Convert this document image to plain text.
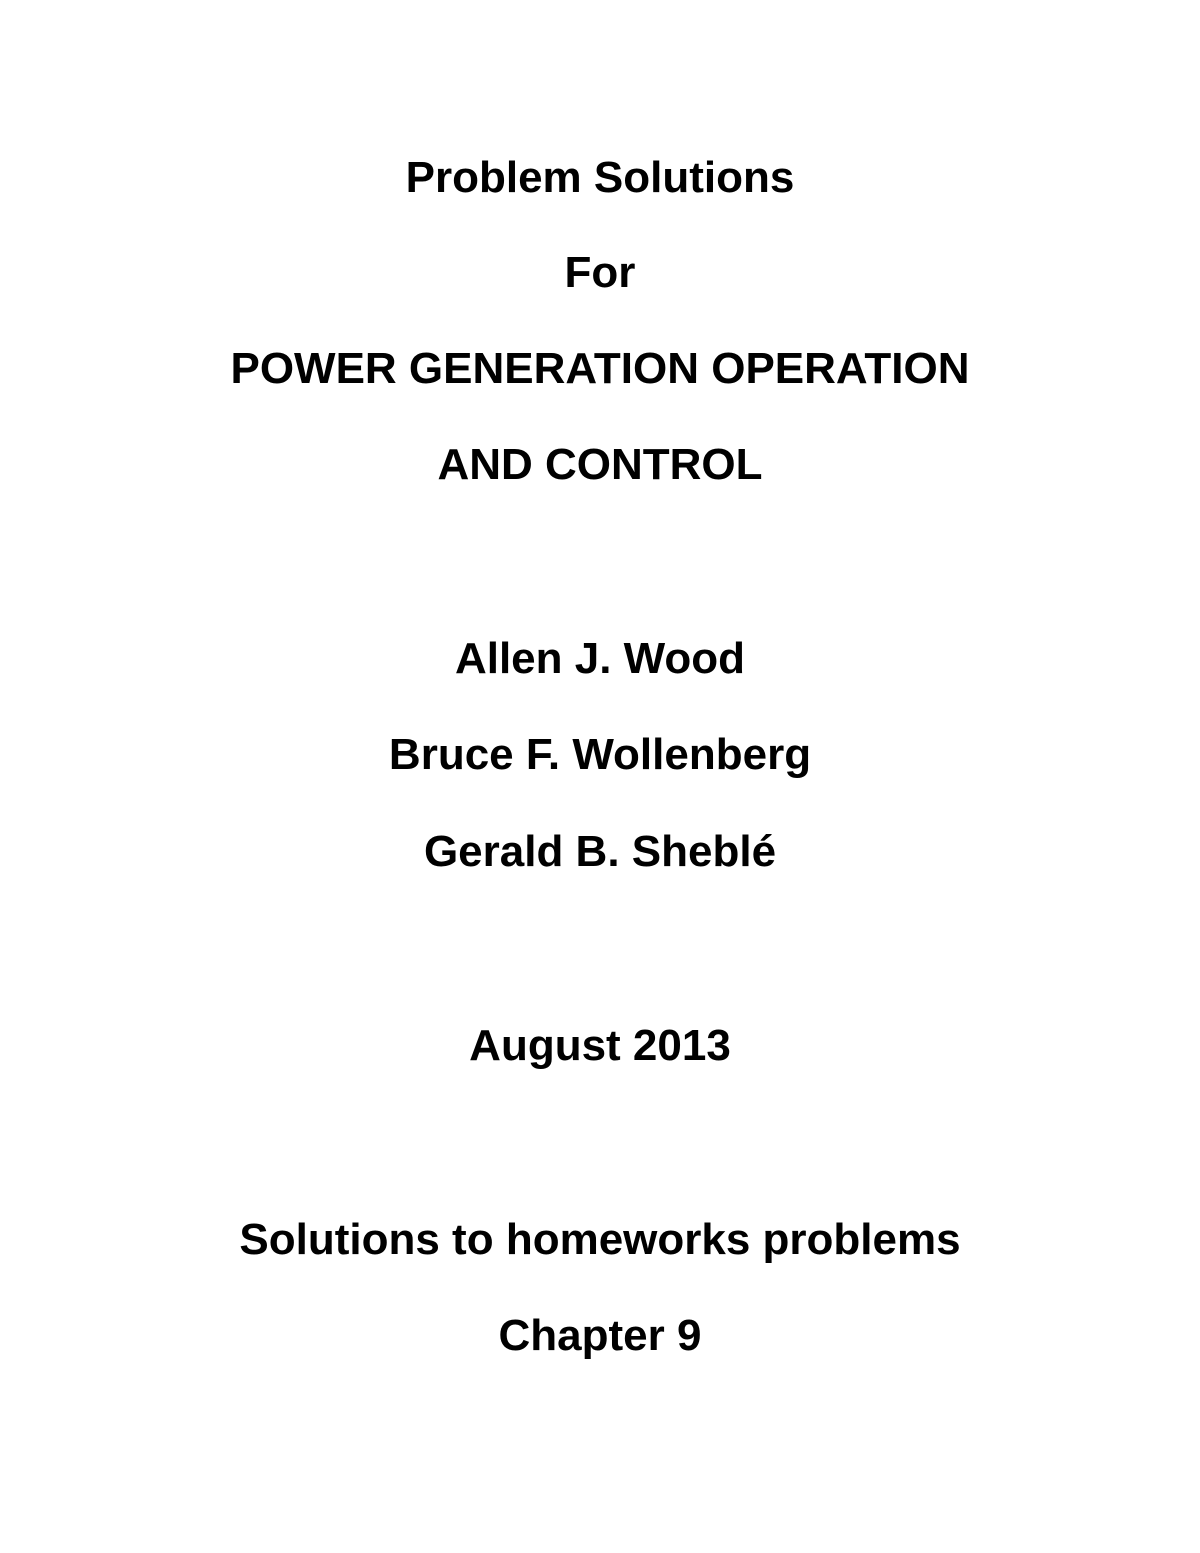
Problem Solutions
For
POWER GENERATION OPERATION
AND CONTROL
Allen J. Wood
Bruce F. Wollenberg
Gerald B. Sheblé
August 2013
Solutions to homeworks problems
Chapter 9
